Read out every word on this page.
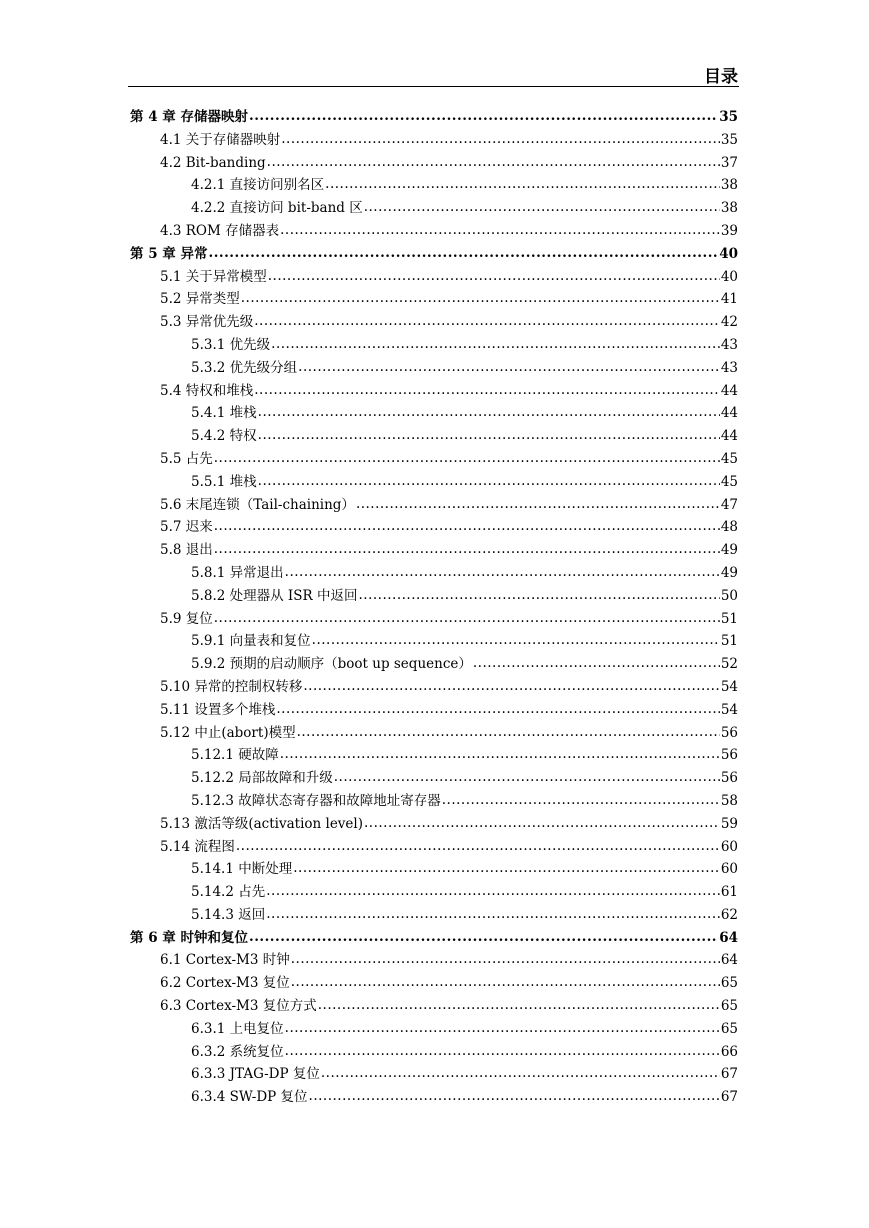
目录
第 4 章 存储器映射 .....	35
4.1 关于存储器映射 .....	35
4.2 Bit-banding .....	37
4.2.1 直接访问别名区 .....	38
4.2.2 直接访问 bit-band 区 .....	38
4.3 ROM 存储器表 .....	39
第 5 章 异常 .....	40
5.1 关于异常模型 .....	40
5.2 异常类型 .....	41
5.3 异常优先级 .....	42
5.3.1 优先级 .....	43
5.3.2 优先级分组 .....	43
5.4 特权和堆栈 .....	44
5.4.1 堆栈 .....	44
5.4.2 特权 .....	44
5.5 占先 .....	45
5.5.1 堆栈 .....	45
5.6 末尾连锁（Tail-chaining） .....	47
5.7 迟来 .....	48
5.8 退出 .....	49
5.8.1 异常退出 .....	49
5.8.2 处理器从 ISR 中返回 .....	50
5.9 复位 .....	51
5.9.1 向量表和复位 .....	51
5.9.2 预期的启动顺序（boot up sequence） .....	52
5.10 异常的控制权转移 .....	54
5.11 设置多个堆栈 .....	54
5.12 中止(abort)模型 .....	56
5.12.1 硬故障 .....	56
5.12.2 局部故障和升级 .....	56
5.12.3 故障状态寄存器和故障地址寄存器 .....	58
5.13 激活等级(activation level) .....	59
5.14 流程图 .....	60
5.14.1 中断处理 .....	60
5.14.2 占先 .....	61
5.14.3 返回 .....	62
第 6 章 时钟和复位 .....	64
6.1 Cortex-M3 时钟 .....	64
6.2 Cortex-M3 复位 .....	65
6.3 Cortex-M3 复位方式 .....	65
6.3.1 上电复位 .....	65
6.3.2 系统复位 .....	66
6.3.3 JTAG-DP 复位 .....	67
6.3.4 SW-DP 复位 .....	67
